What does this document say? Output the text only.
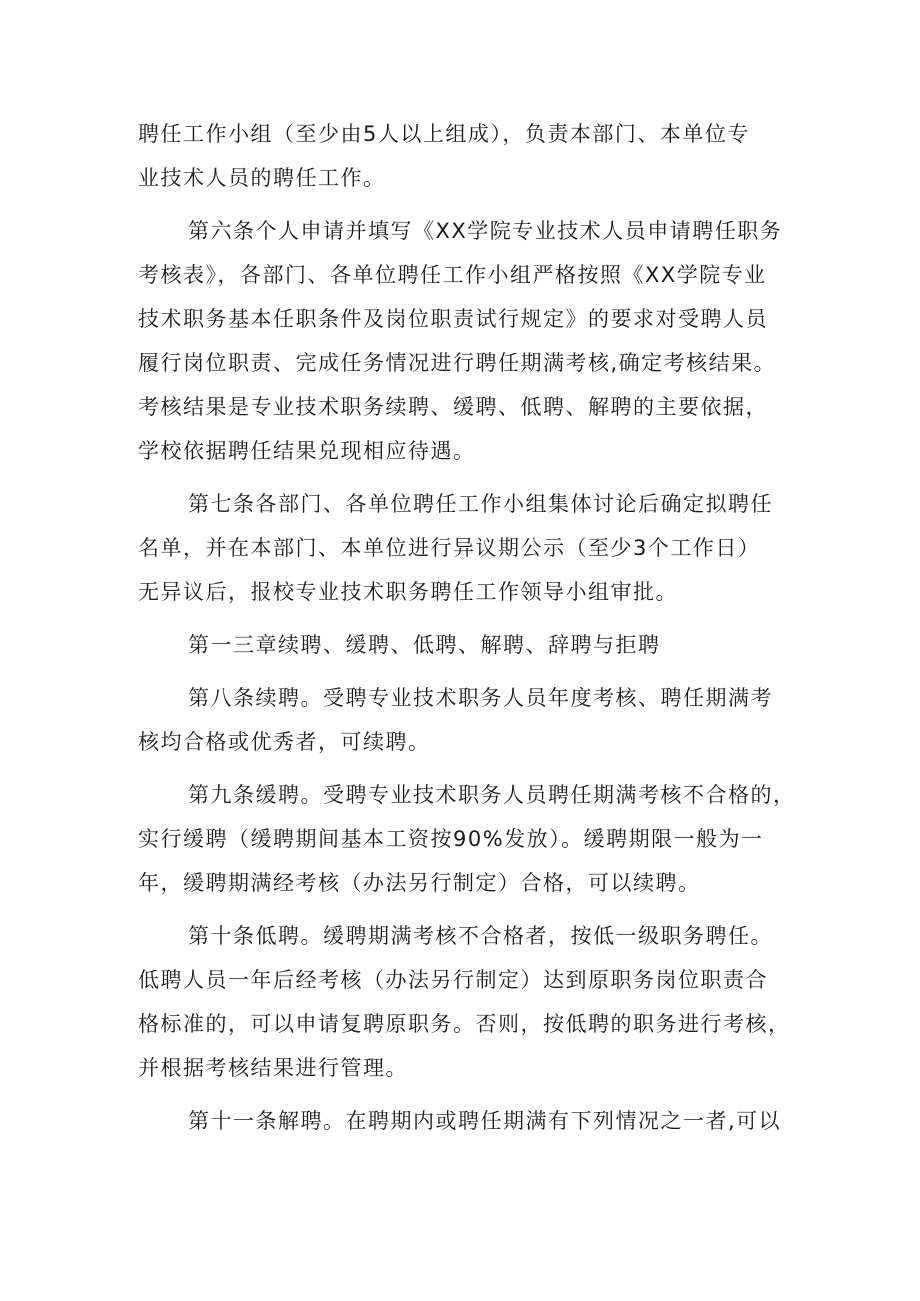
聘任工作小组（至少由5人以上组成），负责本部门、本单位专
业技术人员的聘任工作。
第六条个人申请并填写《XX学院专业技术人员申请聘任职务
考核表》，各部门、各单位聘任工作小组严格按照《XX学院专业
技术职务基本任职条件及岗位职责试行规定》的要求对受聘人员
履行岗位职责、完成任务情况进行聘任期满考核,确定考核结果。
考核结果是专业技术职务续聘、缓聘、低聘、解聘的主要依据，
学校依据聘任结果兑现相应待遇。
第七条各部门、各单位聘任工作小组集体讨论后确定拟聘任
名单，并在本部门、本单位进行异议期公示（至少3个工作日）
无异议后，报校专业技术职务聘任工作领导小组审批。
第一三章续聘、缓聘、低聘、解聘、辞聘与拒聘
第八条续聘。受聘专业技术职务人员年度考核、聘任期满考
核均合格或优秀者，可续聘。
第九条缓聘。受聘专业技术职务人员聘任期满考核不合格的，
实行缓聘（缓聘期间基本工资按90%发放）。缓聘期限一般为一
年，缓聘期满经考核（办法另行制定）合格，可以续聘。
第十条低聘。缓聘期满考核不合格者，按低一级职务聘任。
低聘人员一年后经考核（办法另行制定）达到原职务岗位职责合
格标准的，可以申请复聘原职务。否则，按低聘的职务进行考核，
并根据考核结果进行管理。
第十一条解聘。在聘期内或聘任期满有下列情况之一者,可以
